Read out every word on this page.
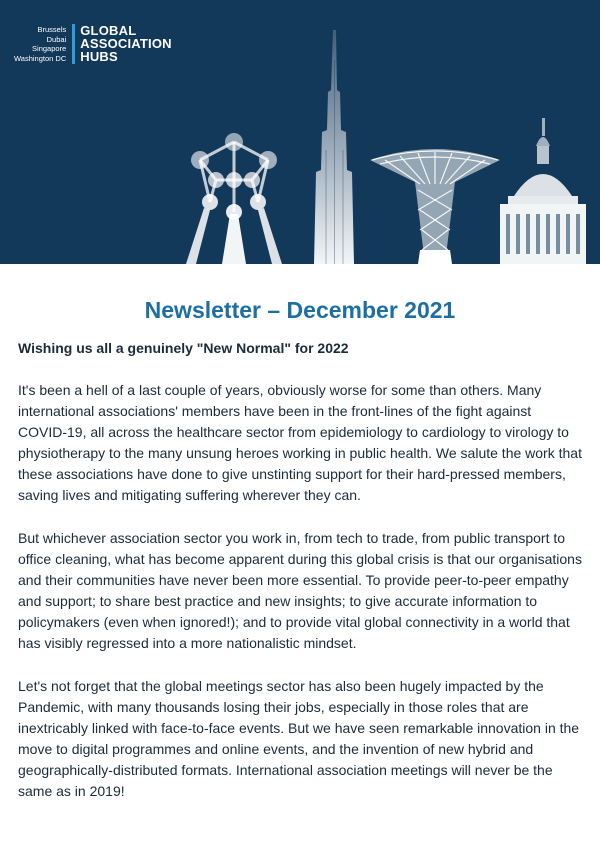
Brussels
Dubai
Singapore
Washington DC
GLOBAL
ASSOCIATION
HUBS
Newsletter – December 2021
Wishing us all a genuinely "New Normal" for 2022

It's been a hell of a last couple of years, obviously worse for some than others. Many international associations' members have been in the front-lines of the fight against COVID-19, all across the healthcare sector from epidemiology to cardiology to virology to physiotherapy to the many unsung heroes working in public health. We salute the work that these associations have done to give unstinting support for their hard-pressed members, saving lives and mitigating suffering wherever they can.

But whichever association sector you work in, from tech to trade, from public transport to office cleaning, what has become apparent during this global crisis is that our organisations and their communities have never been more essential. To provide peer-to-peer empathy and support; to share best practice and new insights; to give accurate information to policymakers (even when ignored!); and to provide vital global connectivity in a world that has visibly regressed into a more nationalistic mindset.

Let's not forget that the global meetings sector has also been hugely impacted by the Pandemic, with many thousands losing their jobs, especially in those roles that are inextricably linked with face-to-face events. But we have seen remarkable innovation in the move to digital programmes and online events, and the invention of new hybrid and geographically-distributed formats. International association meetings will never be the same as in 2019!
